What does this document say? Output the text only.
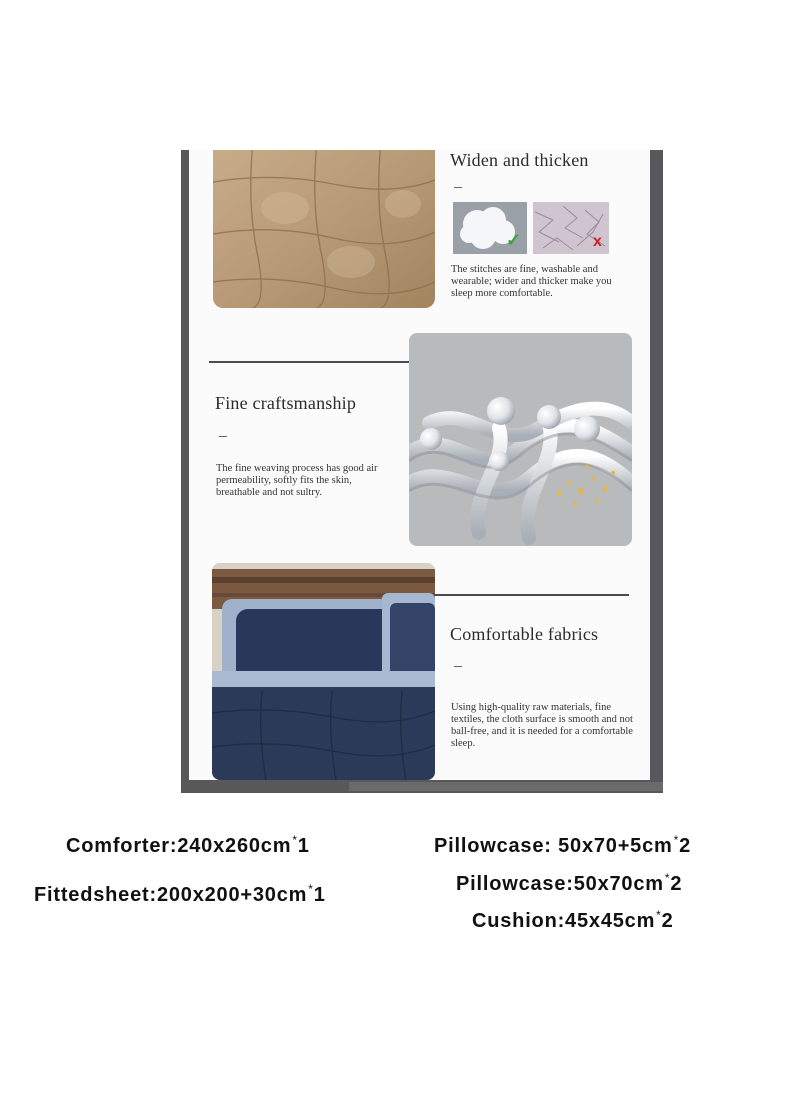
Widen and thicken
✓	x
The stitches are fine, washable and wearable; wider and thicker make you sleep more comfortable.
Fine craftsmanship
The fine weaving process has good air permeability, softly fits the skin, breathable and not sultry.
Comfortable fabrics
Using high-quality raw materials, fine textiles, the cloth surface is smooth and not ball-free, and it is needed for a comfortable sleep.
Comforter:240x260cm*1
Fittedsheet:200x200+30cm*1
Pillowcase: 50x70+5cm*2
Pillowcase:50x70cm*2
Cushion:45x45cm*2
